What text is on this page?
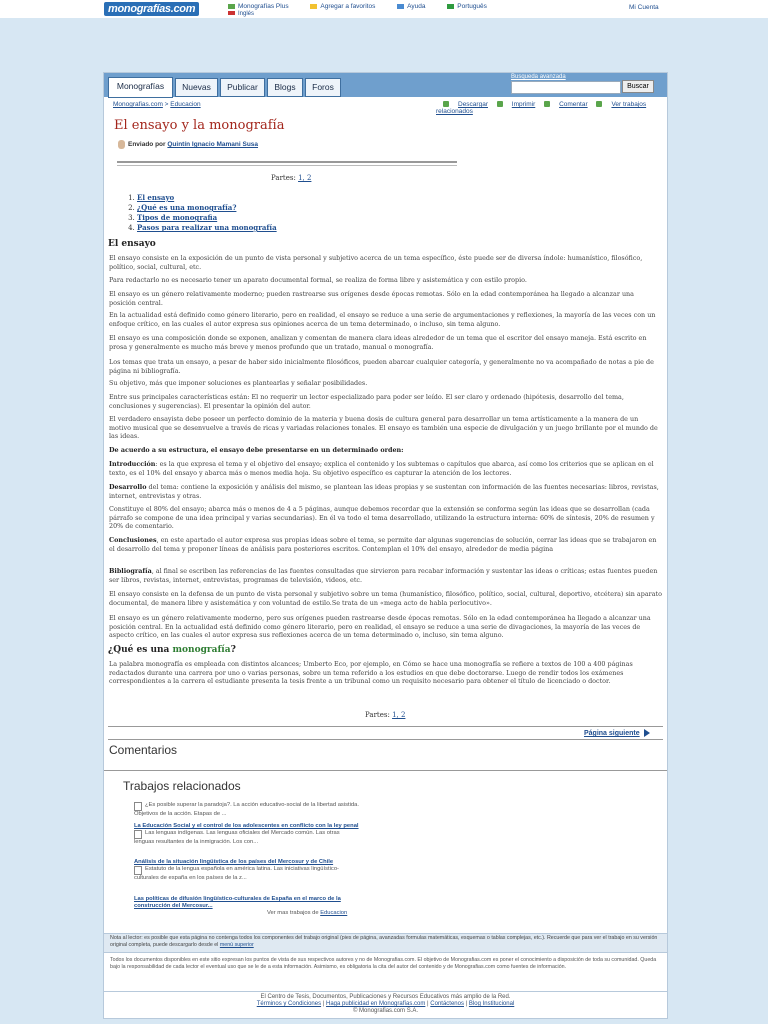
monografías.com	Monografías Plus	Agregar a favoritos	Ayuda	Português
Inglés
Mi Cuenta
Monografías	Nuevas	Publicar	Blogs	Foros
Busqueda avanzada
Buscar
Monografias.com > Educacion	Descargar	Imprimir	Comentar	Ver trabajos relacionados
El ensayo y la monografía
Enviado por Quintín Ignacio Mamani Susa
Partes: 1, 2
1. El ensayo
2. ¿Qué es una monografía?
3. Tipos de monografia
4. Pasos para realizar una monografía
El ensayo
El ensayo consiste en la exposición de un punto de vista personal y subjetivo acerca de un tema específico, éste puede ser de diversa índole: humanístico, filosófico, político, social, cultural, etc.
Para redactarlo no es necesario tener un aparato documental formal, se realiza de forma libre y asistemática y con estilo propio.
El ensayo es un género relativamente moderno; pueden rastrearse sus orígenes desde épocas remotas. Sólo en la edad contemporánea ha llegado a alcanzar una posición central.
En la actualidad está definido como género literario, pero en realidad, el ensayo se reduce a una serie de argumentaciones y reflexiones, la mayoría de las veces con un enfoque crítico, en las cuales el autor expresa sus opiniones acerca de un tema determinado, o incluso, sin tema alguno.
El ensayo es una composición donde se exponen, analizan y comentan de manera clara ideas alrededor de un tema que el escritor del ensayo maneja. Está escrito en prosa y generalmente es mucho más breve y menos profundo que un tratado, manual o monografía.
Los temas que trata un ensayo, a pesar de haber sido inicialmente filosóficos, pueden abarcar cualquier categoría, y generalmente no va acompañado de notas a pie de página ni bibliografía.
Su objetivo, más que imponer soluciones es plantearlas y señalar posibilidades.
Entre sus principales características están: El no requerir un lector especializado para poder ser leído. El ser claro y ordenado (hipótesis, desarrollo del tema, conclusiones y sugerencias). El presentar la opinión del autor.
El verdadero ensayista debe poseer un perfecto dominio de la materia y buena dosis de cultura general para desarrollar un tema artísticamente a la manera de un motivo musical que se desenvuelve a través de ricas y variadas relaciones tonales. El ensayo es también una especie de divulgación y un juego brillante por el mundo de las ideas.
De acuerdo a su estructura, el ensayo debe presentarse en un determinado orden:
Introducción: es la que expresa el tema y el objetivo del ensayo; explica el contenido y los subtemas o capítulos que abarca, así como los criterios que se aplican en el texto, es el 10% del ensayo y abarca más o menos media hoja. Su objetivo específico es capturar la atención de los lectores.
Desarrollo del tema: contiene la exposición y análisis del mismo, se plantean las ideas propias y se sustentan con información de las fuentes necesarias: libros, revistas, internet, entrevistas y otras.
Constituye el 80% del ensayo; abarca más o menos de 4 a 5 páginas, aunque debemos recordar que la extensión se conforma según las ideas que se desarrollan (cada párrafo se compone de una idea principal y varias secundarias). En él va todo el tema desarrollado, utilizando la estructura interna: 60% de síntesis, 20% de resumen y 20% de comentario.
Conclusiones, en este apartado el autor expresa sus propias ideas sobre el tema, se permite dar algunas sugerencias de solución, cerrar las ideas que se trabajaron en el desarrollo del tema y proponer líneas de análisis para posteriores escritos. Contemplan el 10% del ensayo, alrededor de media página
Bibliografía, al final se escriben las referencias de las fuentes consultadas que sirvieron para recabar información y sustentar las ideas o críticas; estas fuentes pueden ser libros, revistas, internet, entrevistas, programas de televisión, videos, etc.
El ensayo consiste en la defensa de un punto de vista personal y subjetivo sobre un tema (humanístico, filosófico, político, social, cultural, deportivo, etcétera) sin aparato documental, de manera libre y asistemática y con voluntad de estilo.Se trata de un «mega acto de habla perlocutivo».
El ensayo es un género relativamente moderno, pero sus orígenes pueden rastrearse desde épocas remotas. Sólo en la edad contemporánea ha llegado a alcanzar una posición central. En la actualidad está definido como género literario, pero en realidad, el ensayo se reduce a una serie de divagaciones, la mayoría de las veces de aspecto crítico, en las cuales el autor expresa sus reflexiones acerca de un tema determinado o, incluso, sin tema alguno.
¿Qué es una monografía?
La palabra monografía es empleada con distintos alcances; Umberto Eco, por ejemplo, en Cómo se hace una monografía se refiere a textos de 100 a 400 páginas redactados durante una carrera por uno o varias personas, sobre un tema referido a los estudios en que debe doctorarse. Luego de rendir todos los exámenes correspondientes a la carrera el estudiante presenta la tesis frente a un tribunal como un requisito necesario para obtener el título de licenciado o doctor.
Partes: 1, 2
Página siguiente
Comentarios
Trabajos relacionados
¿Es posible superar la paradoja?. La acción educativo-social de la libertad asistida. Objetivos de la acción. Etapas de ...
La Educación Social y el control de los adolescentes en conflicto con la ley penal
Las lenguas indígenas. Las lenguas oficiales del Mercado común. Las otras lenguas resultantes de la inmigración. Los con...
Análisis de la situación lingüística de los países del Mercosur y de Chile
Estatuto de la lengua española en américa latina. Las iniciativas lingüístico-culturales de españa en los países de la z...
Las políticas de difusión lingüístico-culturales de España en el marco de la construcción del Mercosur...
Ver mas trabajos de Educacion
Nota al lector: es posible que esta página no contenga todos los componentes del trabajo original (pies de página, avanzadas formulas matemáticas, esquemas o tablas complejas, etc.). Recuerde que para ver el trabajo en su versión original completa, puede descargarlo desde el menú superior
Todos los documentos disponibles en este sitio expresan los puntos de vista de sus respectivos autores y no de Monografias.com. El objetivo de Monografias.com es poner el conocimiento a disposición de toda su comunidad. Queda bajo la responsabilidad de cada lector el eventual uso que se le de a esta información. Asimismo, es obligatoria la cita del autor del contenido y de Monografias.com como fuentes de información.
El Centro de Tesis, Documentos, Publicaciones y Recursos Educativos más amplio de la Red.
Términos y Condiciones | Haga publicidad en Monografías.com | Contáctenos | Blog Institucional
© Monografias.com S.A.
